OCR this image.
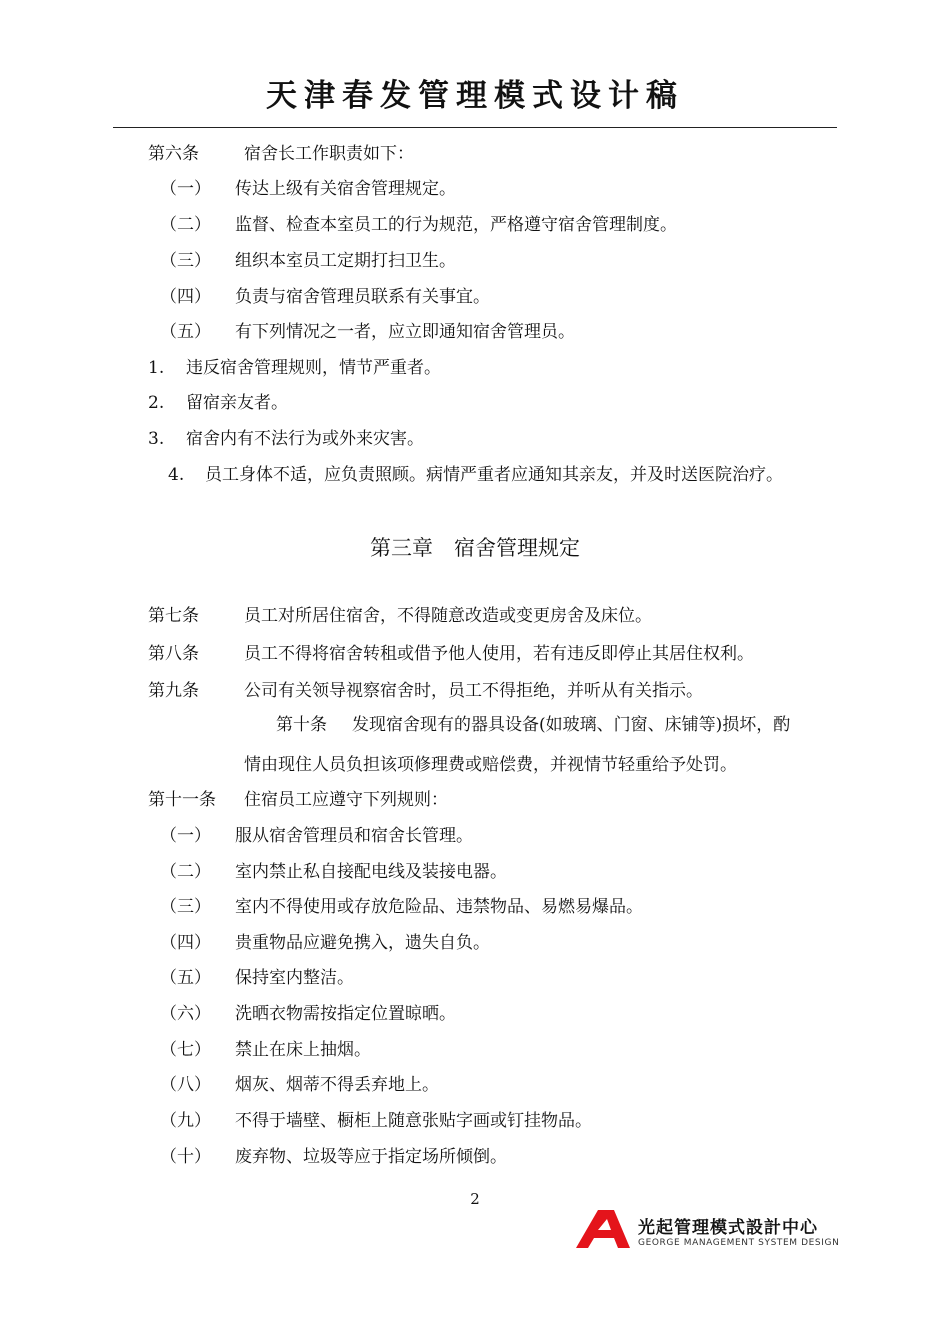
天津春发管理模式设计稿
第六条	宿舍长工作职责如下：
（一） 传达上级有关宿舍管理规定。
（二） 监督、检查本室员工的行为规范，严格遵守宿舍管理制度。
（三） 组织本室员工定期打扫卫生。
（四） 负责与宿舍管理员联系有关事宜。
（五） 有下列情况之一者，应立即通知宿舍管理员。
1. 违反宿舍管理规则，情节严重者。
2. 留宿亲友者。
3. 宿舍内有不法行为或外来灾害。
4. 员工身体不适，应负责照顾。病情严重者应通知其亲友，并及时送医院治疗。
第三章　宿舍管理规定
第七条	员工对所居住宿舍，不得随意改造或变更房舍及床位。
第八条	员工不得将宿舍转租或借予他人使用，若有违反即停止其居住权利。
第九条	公司有关领导视察宿舍时，员工不得拒绝，并听从有关指示。
第十条 发现宿舍现有的器具设备(如玻璃、门窗、床铺等)损坏，酌
情由现住人员负担该项修理费或赔偿费，并视情节轻重给予处罚。
第十一条 住宿员工应遵守下列规则：
（一） 服从宿舍管理员和宿舍长管理。
（二） 室内禁止私自接配电线及装接电器。
（三） 室内不得使用或存放危险品、违禁物品、易燃易爆品。
（四） 贵重物品应避免携入，遗失自负。
（五） 保持室内整洁。
（六） 洗晒衣物需按指定位置晾晒。
（七） 禁止在床上抽烟。
（八） 烟灰、烟蒂不得丢弃地上。
（九） 不得于墙壁、橱柜上随意张贴字画或钉挂物品。
（十） 废弃物、垃圾等应于指定场所倾倒。
2
光起管理模式設計中心
GEORGE MANAGEMENT SYSTEM DESIGN
